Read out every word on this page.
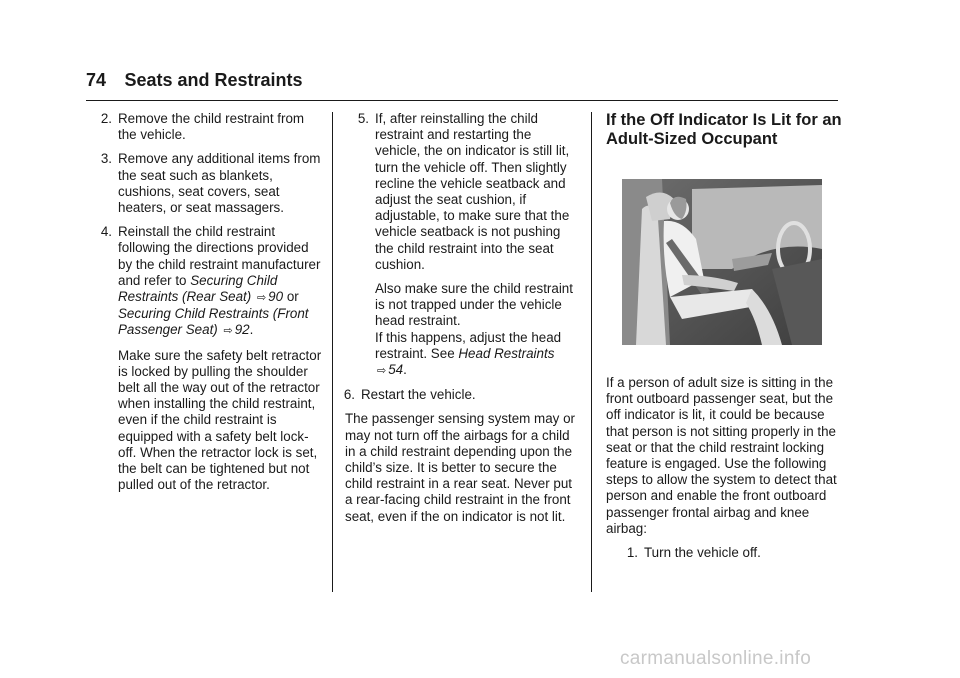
74 Seats and Restraints
2. Remove the child restraint from the vehicle.

3. Remove any additional items from the seat such as blankets, cushions, seat covers, seat heaters, or seat massagers.

4. Reinstall the child restraint following the directions provided by the child restraint manufacturer and refer to Securing Child Restraints (Rear Seat) ⇨ 90 or Securing Child Restraints (Front Passenger Seat) ⇨ 92.

Make sure the safety belt retractor is locked by pulling the shoulder belt all the way out of the retractor when installing the child restraint, even if the child restraint is equipped with a safety belt lock-off. When the retractor lock is set, the belt can be tightened but not pulled out of the retractor.

5. If, after reinstalling the child restraint and restarting the vehicle, the on indicator is still lit, turn the vehicle off. Then slightly recline the vehicle seatback and adjust the seat cushion, if adjustable, to make sure that the vehicle seatback is not pushing the child restraint into the seat cushion.

Also make sure the child restraint is not trapped under the vehicle head restraint.
If this happens, adjust the head restraint. See Head Restraints ⇨ 54.

6. Restart the vehicle.

The passenger sensing system may or may not turn off the airbags for a child in a child restraint depending upon the child’s size. It is better to secure the child restraint in a rear seat. Never put a rear-facing child restraint in the front seat, even if the on indicator is not lit.

If the Off Indicator Is Lit for an Adult-Sized Occupant

If a person of adult size is sitting in the front outboard passenger seat, but the off indicator is lit, it could be because that person is not sitting properly in the seat or that the child restraint locking feature is engaged. Use the following steps to allow the system to detect that person and enable the front outboard passenger frontal airbag and knee airbag:

1. Turn the vehicle off.

carmanualsonline.info
